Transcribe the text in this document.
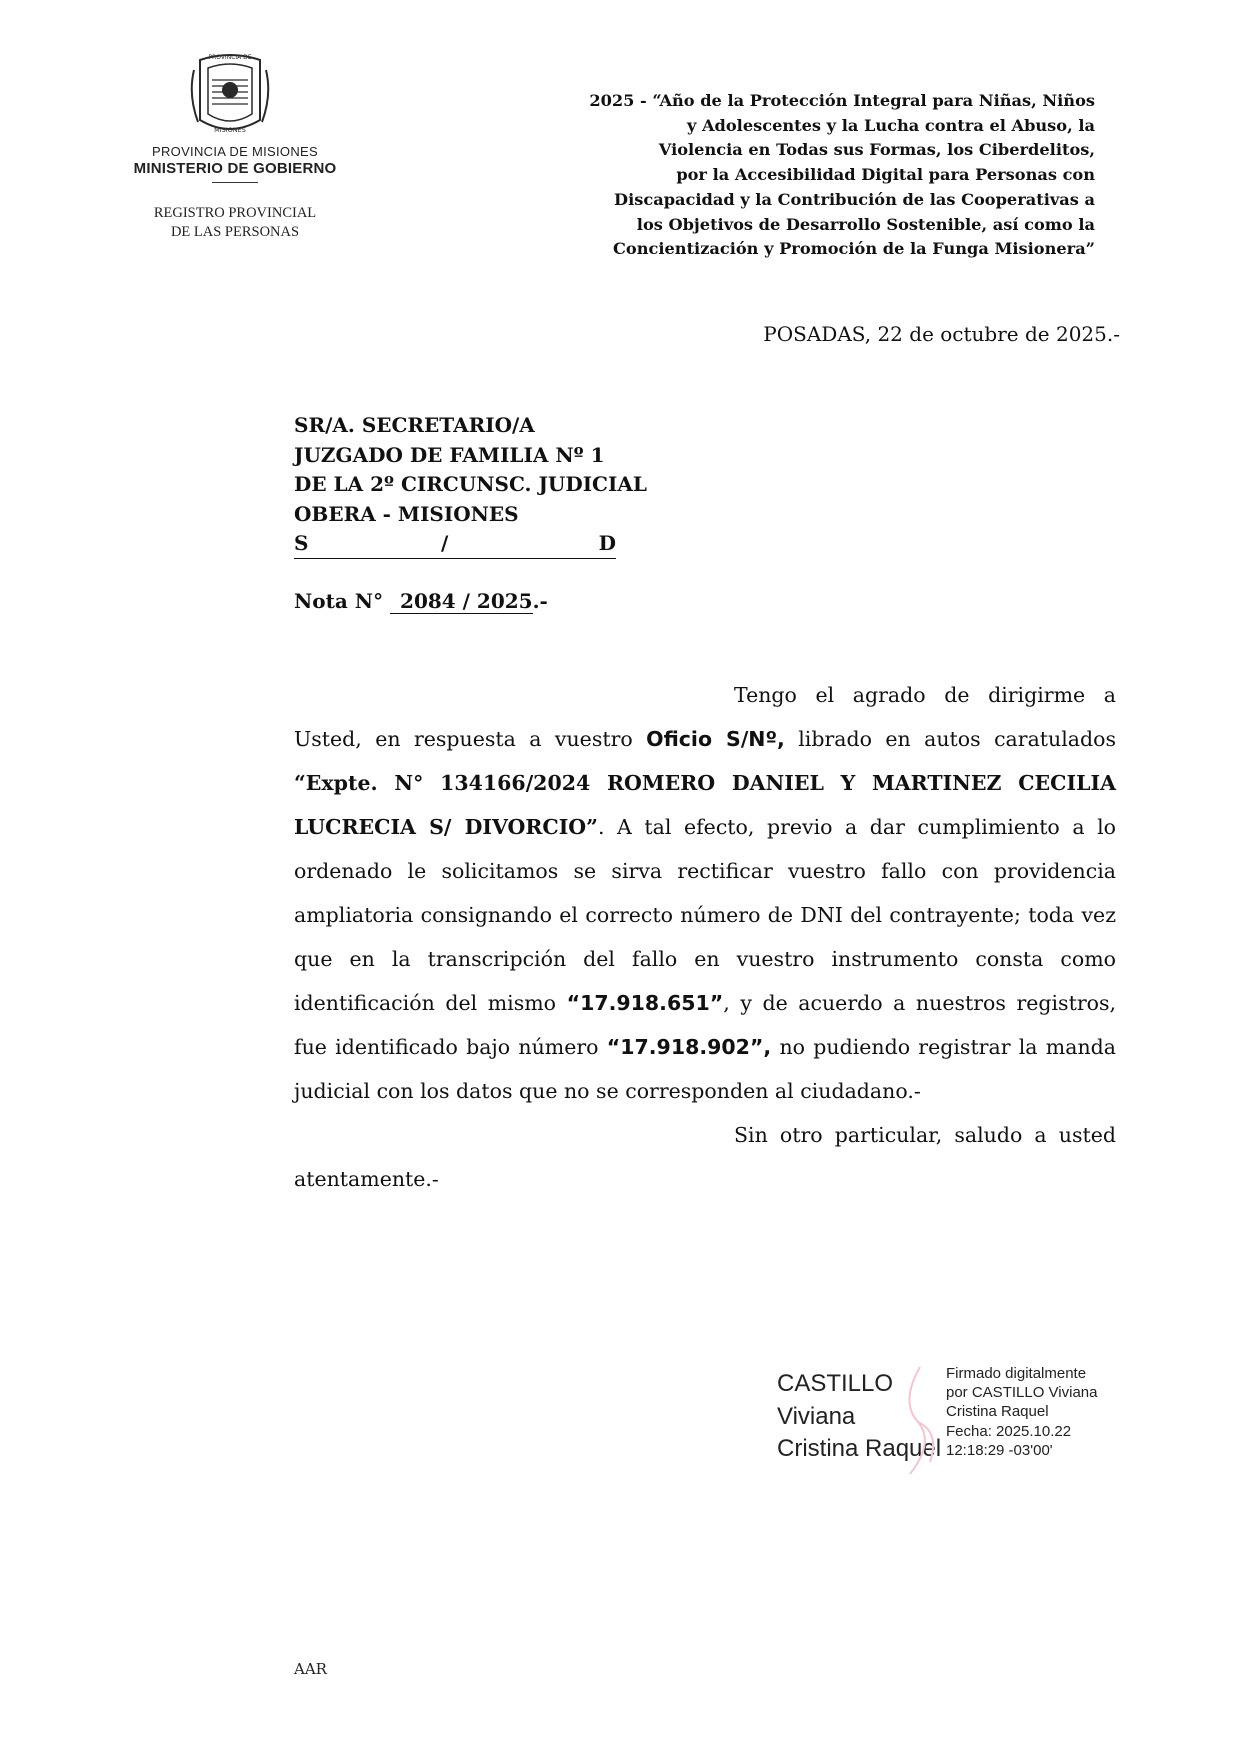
PROVINCIA DE
MISIONES
PROVINCIA DE MISIONES
MINISTERIO DE GOBIERNO
REGISTRO PROVINCIAL
DE LAS PERSONAS
2025 - “Año de la Protección Integral para Niñas, Niños
y Adolescentes y la Lucha contra el Abuso, la
Violencia en Todas sus Formas, los Ciberdelitos,
por la Accesibilidad Digital para Personas con
Discapacidad y la Contribución de las Cooperativas a
los Objetivos de Desarrollo Sostenible, así como la
Concientización y Promoción de la Funga Misionera”
POSADAS, 22 de octubre de 2025.-
SR/A. SECRETARIO/A
JUZGADO DE FAMILIA Nº 1
DE LA 2º CIRCUNSC. JUDICIAL
OBERA - MISIONES
S	/	D
Nota N° 2084 / 2025.-

Tengo el agrado de dirigirme a Usted, en respuesta a vuestro Oficio S/Nº, librado en autos caratulados “Expte. N° 134166/2024 ROMERO DANIEL Y MARTINEZ CECILIA LUCRECIA S/ DIVORCIO”. A tal efecto, previo a dar cumplimiento a lo ordenado le solicitamos se sirva rectificar vuestro fallo con providencia ampliatoria consignando el correcto número de DNI del contrayente; toda vez que en la transcripción del fallo en vuestro instrumento consta como identificación del mismo “17.918.651”, y de acuerdo a nuestros registros, fue identificado bajo número “17.918.902”, no pudiendo registrar la manda judicial con los datos que no se corresponden al ciudadano.-

Sin otro particular, saludo a usted atentamente.-

CASTILLO
Viviana
Cristina Raquel
Firmado digitalmente
por CASTILLO Viviana
Cristina Raquel
Fecha: 2025.10.22
12:18:29 -03'00'
AAR
